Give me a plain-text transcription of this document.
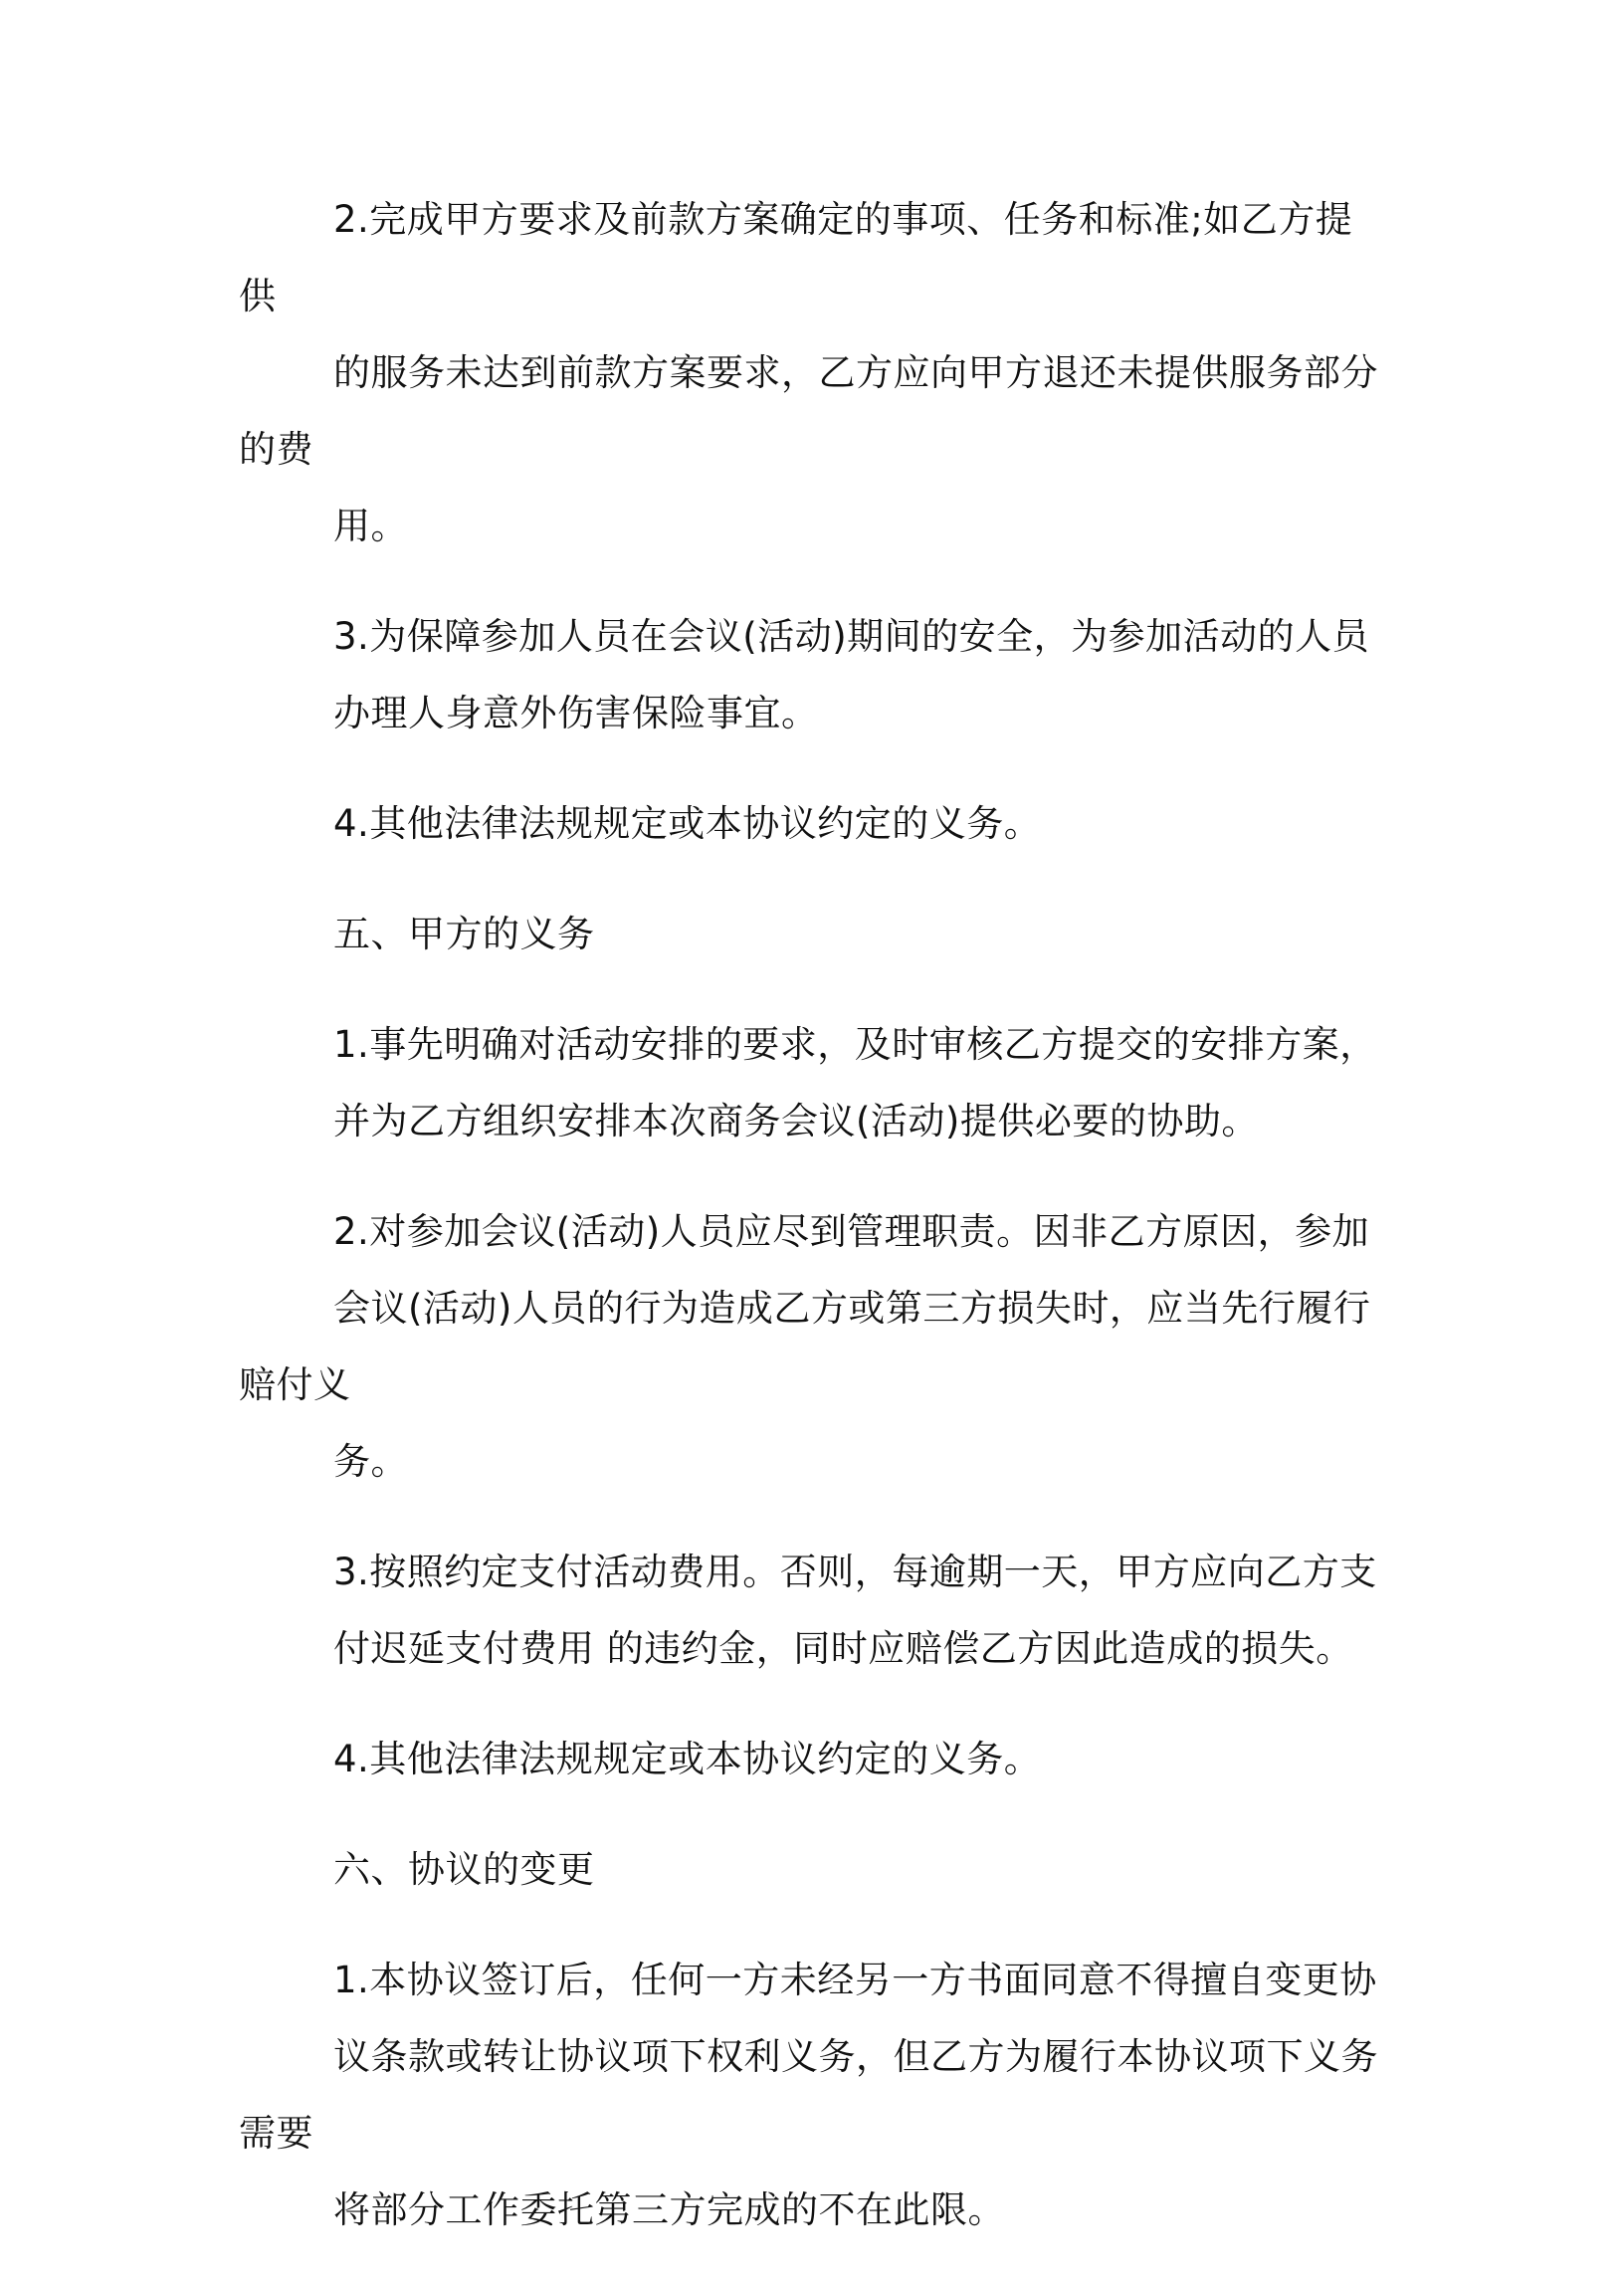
2.完成甲方要求及前款方案确定的事项、任务和标准;如乙方提供
的服务未达到前款方案要求，乙方应向甲方退还未提供服务部分的费
用。

3.为保障参加人员在会议(活动)期间的安全，为参加活动的人员
办理人身意外伤害保险事宜。

4.其他法律法规规定或本协议约定的义务。

五、甲方的义务

1.事先明确对活动安排的要求，及时审核乙方提交的安排方案，
并为乙方组织安排本次商务会议(活动)提供必要的协助。

2.对参加会议(活动)人员应尽到管理职责。因非乙方原因，参加
会议(活动)人员的行为造成乙方或第三方损失时，应当先行履行赔付义
务。

3.按照约定支付活动费用。否则，每逾期一天，甲方应向乙方支
付迟延支付费用 的违约金，同时应赔偿乙方因此造成的损失。

4.其他法律法规规定或本协议约定的义务。

六、协议的变更

1.本协议签订后，任何一方未经另一方书面同意不得擅自变更协
议条款或转让协议项下权利义务，但乙方为履行本协议项下义务需要
将部分工作委托第三方完成的不在此限。
